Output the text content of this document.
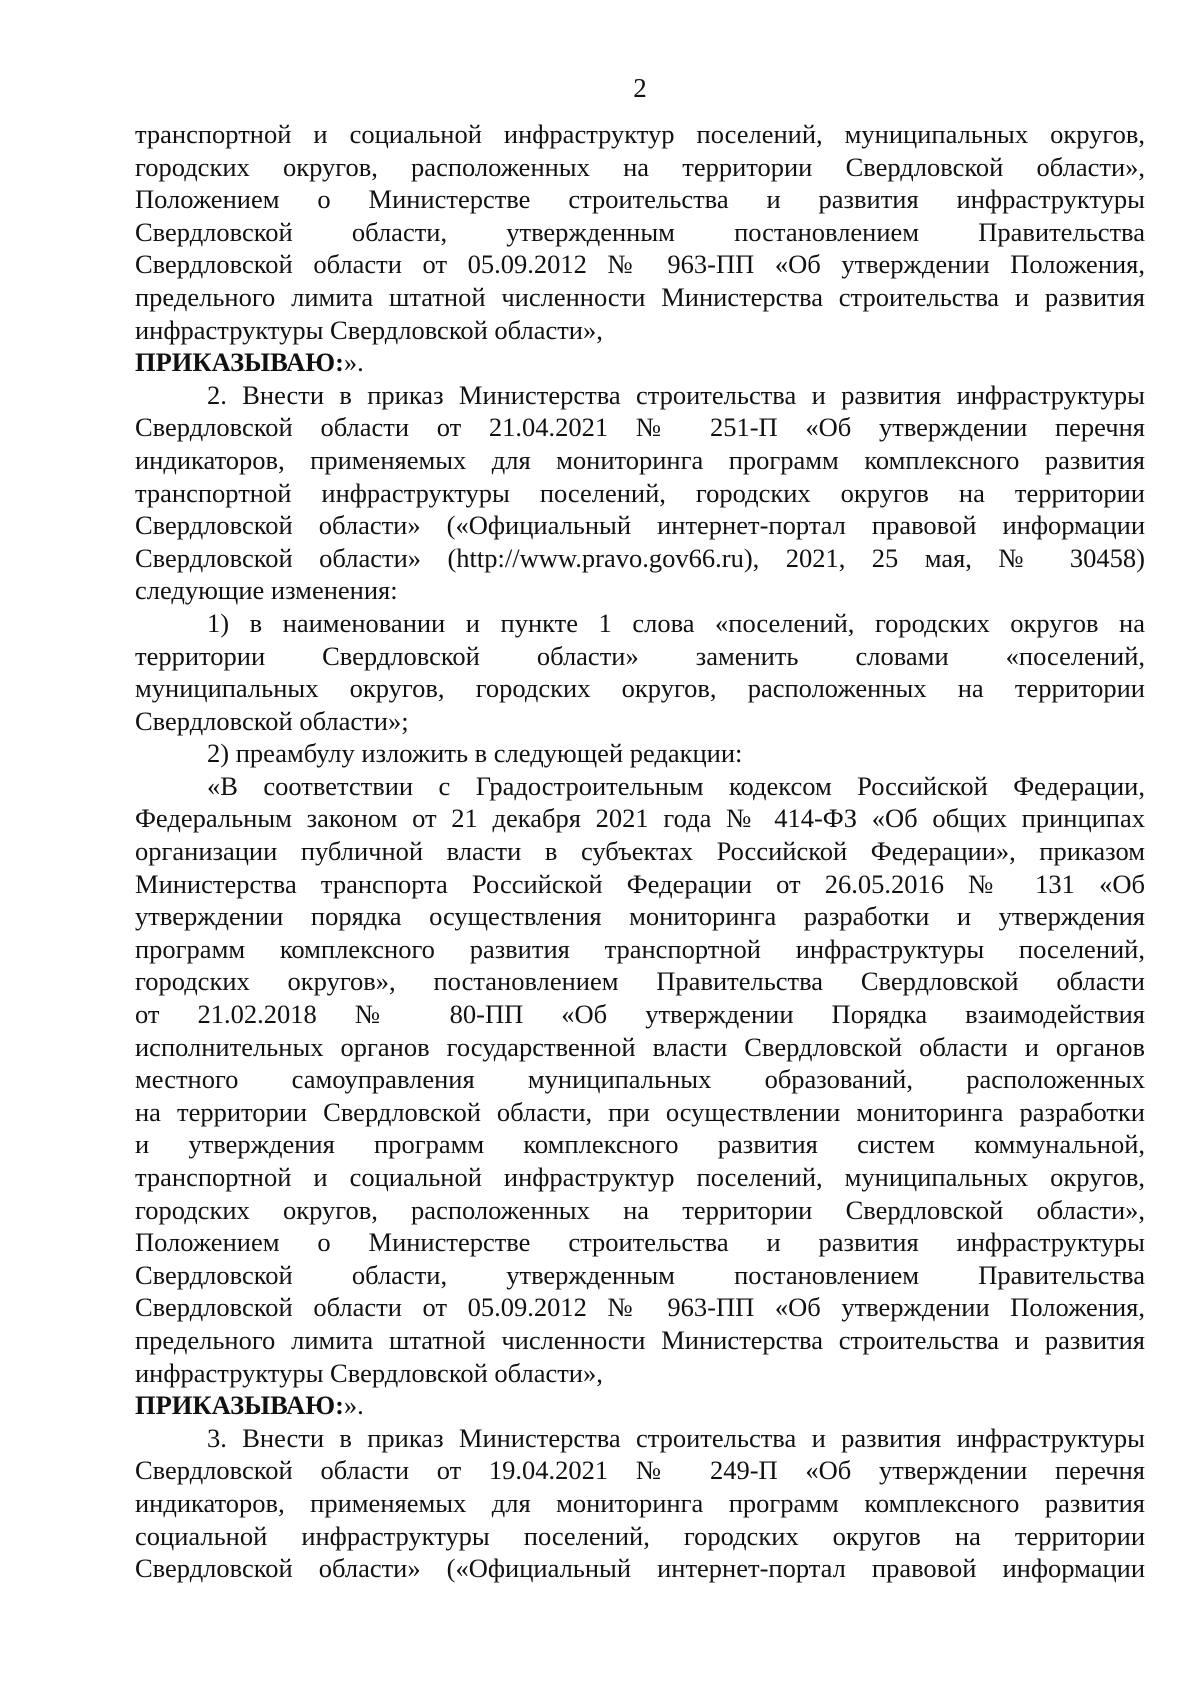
2
транспортной и социальной инфраструктур поселений, муниципальных округов,
городских округов, расположенных на территории Свердловской области»,
Положением о Министерстве строительства и развития инфраструктуры
Свердловской области, утвержденным постановлением Правительства
Свердловской области от 05.09.2012 № 963-ПП «Об утверждении Положения,
предельного лимита штатной численности Министерства строительства и развития
инфраструктуры Свердловской области»,
ПРИКАЗЫВАЮ:».
2. Внести в приказ Министерства строительства и развития инфраструктуры
Свердловской области от 21.04.2021 № 251-П «Об утверждении перечня
индикаторов, применяемых для мониторинга программ комплексного развития
транспортной инфраструктуры поселений, городских округов на территории
Свердловской области» («Официальный интернет-портал правовой информации
Свердловской области» (http://www.pravo.gov66.ru), 2021, 25 мая, № 30458)
следующие изменения:
1) в наименовании и пункте 1 слова «поселений, городских округов на
территории Свердловской области» заменить словами «поселений,
муниципальных округов, городских округов, расположенных на территории
Свердловской области»;
2) преамбулу изложить в следующей редакции:
«В соответствии с Градостроительным кодексом Российской Федерации,
Федеральным законом от 21 декабря 2021 года № 414-ФЗ «Об общих принципах
организации публичной власти в субъектах Российской Федерации», приказом
Министерства транспорта Российской Федерации от 26.05.2016 № 131 «Об
утверждении порядка осуществления мониторинга разработки и утверждения
программ комплексного развития транспортной инфраструктуры поселений,
городских округов», постановлением Правительства Свердловской области
от 21.02.2018 № 80-ПП «Об утверждении Порядка взаимодействия
исполнительных органов государственной власти Свердловской области и органов
местного самоуправления муниципальных образований, расположенных
на территории Свердловской области, при осуществлении мониторинга разработки
и утверждения программ комплексного развития систем коммунальной,
транспортной и социальной инфраструктур поселений, муниципальных округов,
городских округов, расположенных на территории Свердловской области»,
Положением о Министерстве строительства и развития инфраструктуры
Свердловской области, утвержденным постановлением Правительства
Свердловской области от 05.09.2012 № 963-ПП «Об утверждении Положения,
предельного лимита штатной численности Министерства строительства и развития
инфраструктуры Свердловской области»,
ПРИКАЗЫВАЮ:».
3. Внести в приказ Министерства строительства и развития инфраструктуры
Свердловской области от 19.04.2021 № 249-П «Об утверждении перечня
индикаторов, применяемых для мониторинга программ комплексного развития
социальной инфраструктуры поселений, городских округов на территории
Свердловской области» («Официальный интернет-портал правовой информации
